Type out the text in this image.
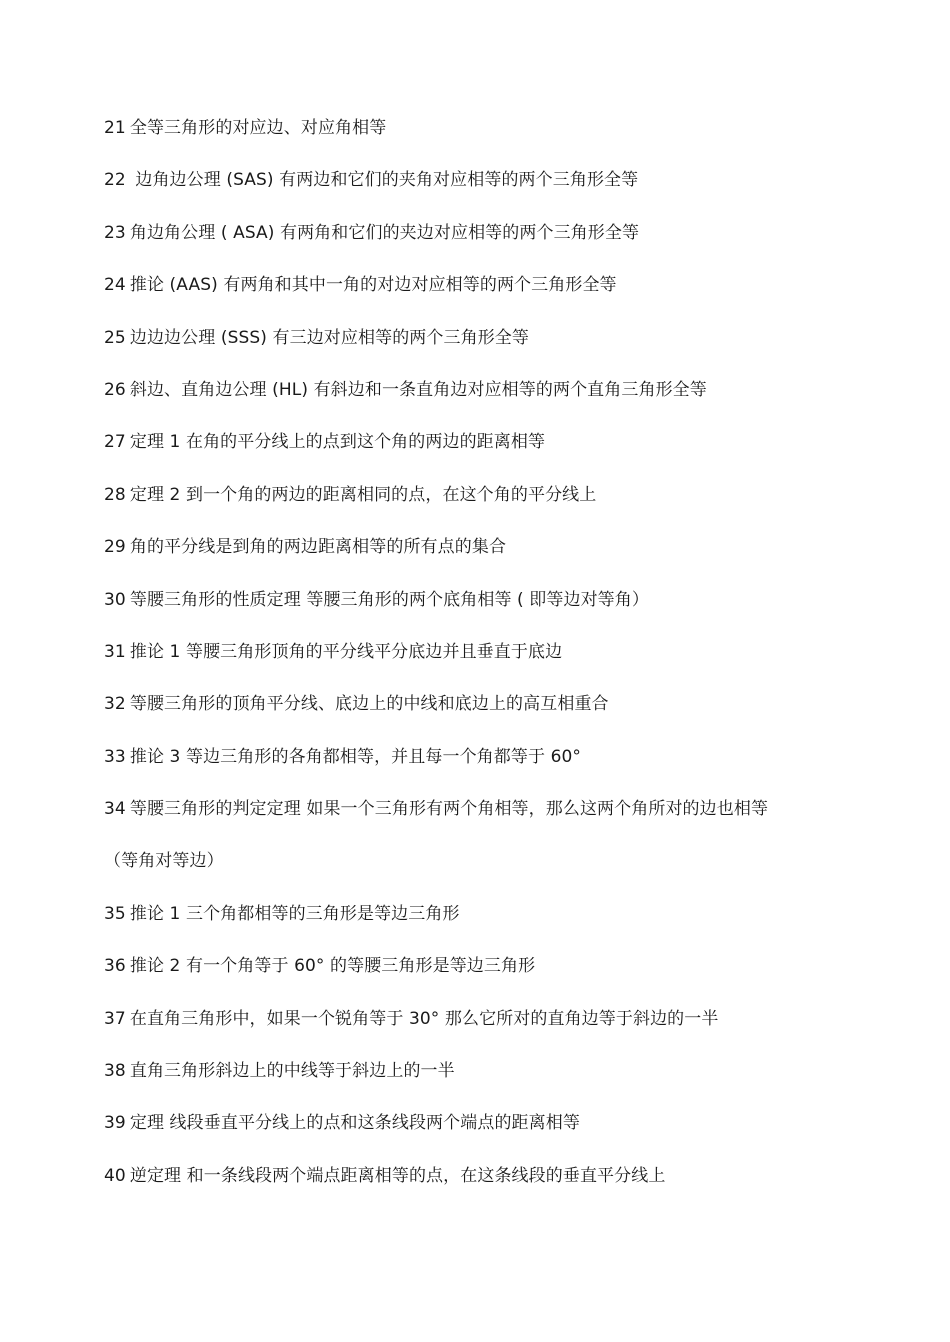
21 全等三角形的对应边、对应角相等
22 边角边公理 (SAS) 有两边和它们的夹角对应相等的两个三角形全等
23 角边角公理 ( ASA) 有两角和它们的夹边对应相等的两个三角形全等
24 推论 (AAS) 有两角和其中一角的对边对应相等的两个三角形全等
25 边边边公理 (SSS) 有三边对应相等的两个三角形全等
26 斜边、直角边公理 (HL) 有斜边和一条直角边对应相等的两个直角三角形全等
27 定理 1 在角的平分线上的点到这个角的两边的距离相等
28 定理 2 到一个角的两边的距离相同的点，在这个角的平分线上
29 角的平分线是到角的两边距离相等的所有点的集合
30 等腰三角形的性质定理 等腰三角形的两个底角相等 ( 即等边对等角）
31 推论 1 等腰三角形顶角的平分线平分底边并且垂直于底边
32 等腰三角形的顶角平分线、底边上的中线和底边上的高互相重合
33 推论 3 等边三角形的各角都相等，并且每一个角都等于 60°
34 等腰三角形的判定定理 如果一个三角形有两个角相等，那么这两个角所对的边也相等
（等角对等边）
35 推论 1 三个角都相等的三角形是等边三角形
36 推论 2 有一个角等于 60° 的等腰三角形是等边三角形
37 在直角三角形中，如果一个锐角等于 30° 那么它所对的直角边等于斜边的一半
38 直角三角形斜边上的中线等于斜边上的一半
39 定理 线段垂直平分线上的点和这条线段两个端点的距离相等
40 逆定理 和一条线段两个端点距离相等的点，在这条线段的垂直平分线上
